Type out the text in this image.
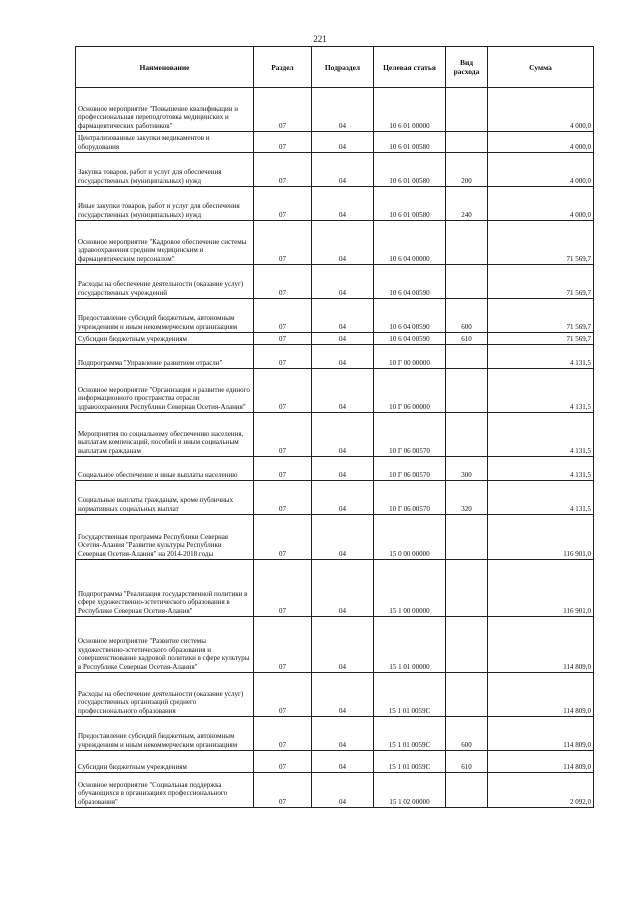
221
Наименование	Раздел	Подраздел	Целевая статья	Вид расхода	Сумма
Основное мероприятие "Повышение квалификации и профессиональная переподготовка медицинских и фармацевтических работников"	07	04	10 6 01 00000		4 000,0
Централизованные закупки медикаментов и оборудования	07	04	10 6 01 00580		4 000,0
Закупка товаров, работ и услуг для обеспечения государственных (муниципальных) нужд	07	04	10 6 01 00580	200	4 000,0
Иные закупки товаров, работ и услуг для обеспечения государственных (муниципальных) нужд	07	04	10 6 01 00580	240	4 000,0
Основное мероприятие "Кадровое обеспечение системы здравоохранения средним медицинским и фармацевтическим персоналом"	07	04	10 6 04 00000		71 569,7
Расходы на обеспечение деятельности (оказание услуг) государственных учреждений	07	04	10 6 04 00590		71 569,7
Предоставление субсидий бюджетным, автономным учреждениям и иным некоммерческим организациям	07	04	10 6 04 00590	600	71 569,7
Субсидии бюджетным учреждениям	07	04	10 6 04 00590	610	71 569,7
Подпрограмма "Управление развитием отрасли"	07	04	10 Г 00 00000		4 131,5
Основное мероприятие "Организация и развитие единого информационного пространства отрасли здравоохранения Республики Северная Осетия-Алания"	07	04	10 Г 06 00000		4 131,5
Мероприятия по социальному обеспечению населения, выплатам компенсаций, пособий и иным социальным выплатам гражданам	07	04	10 Г 06 00570		4 131,5
Социальное обеспечение и иные выплаты населению	07	04	10 Г 06 00570	300	4 131,5
Социальные выплаты гражданам, кроме публичных нормативных социальных выплат	07	04	10 Г 06 00570	320	4 131,5
Государственная программа Республики Северная Осетия-Алания "Развитие культуры Республики Северная Осетия-Алания" на 2014-2018 годы	07	04	15 0 00 00000		116 901,0
Подпрограмма "Реализация государственной политики в сфере художественно-эстетического образования в Республике Северная Осетия-Алания"	07	04	15 1 00 00000		116 901,0
Основное мероприятие "Развитие системы художественно-эстетического образования и совершенствование кадровой политики в сфере культуры в Республике Северная Осетия-Алания"	07	04	15 1 01 00000		114 809,0
Расходы на обеспечение деятельности (оказание услуг) государственных организаций среднего профессионального образования	07	04	15 1 01 0059С		114 809,0
Предоставление субсидий бюджетным, автономным учреждениям и иным некоммерческим организациям	07	04	15 1 01 0059С	600	114 809,0
Субсидии бюджетным учреждениям	07	04	15 1 01 0059С	610	114 809,0
Основное мероприятие "Социальная поддержка обучающихся в организациях профессионального образования"	07	04	15 1 02 00000		2 092,0
